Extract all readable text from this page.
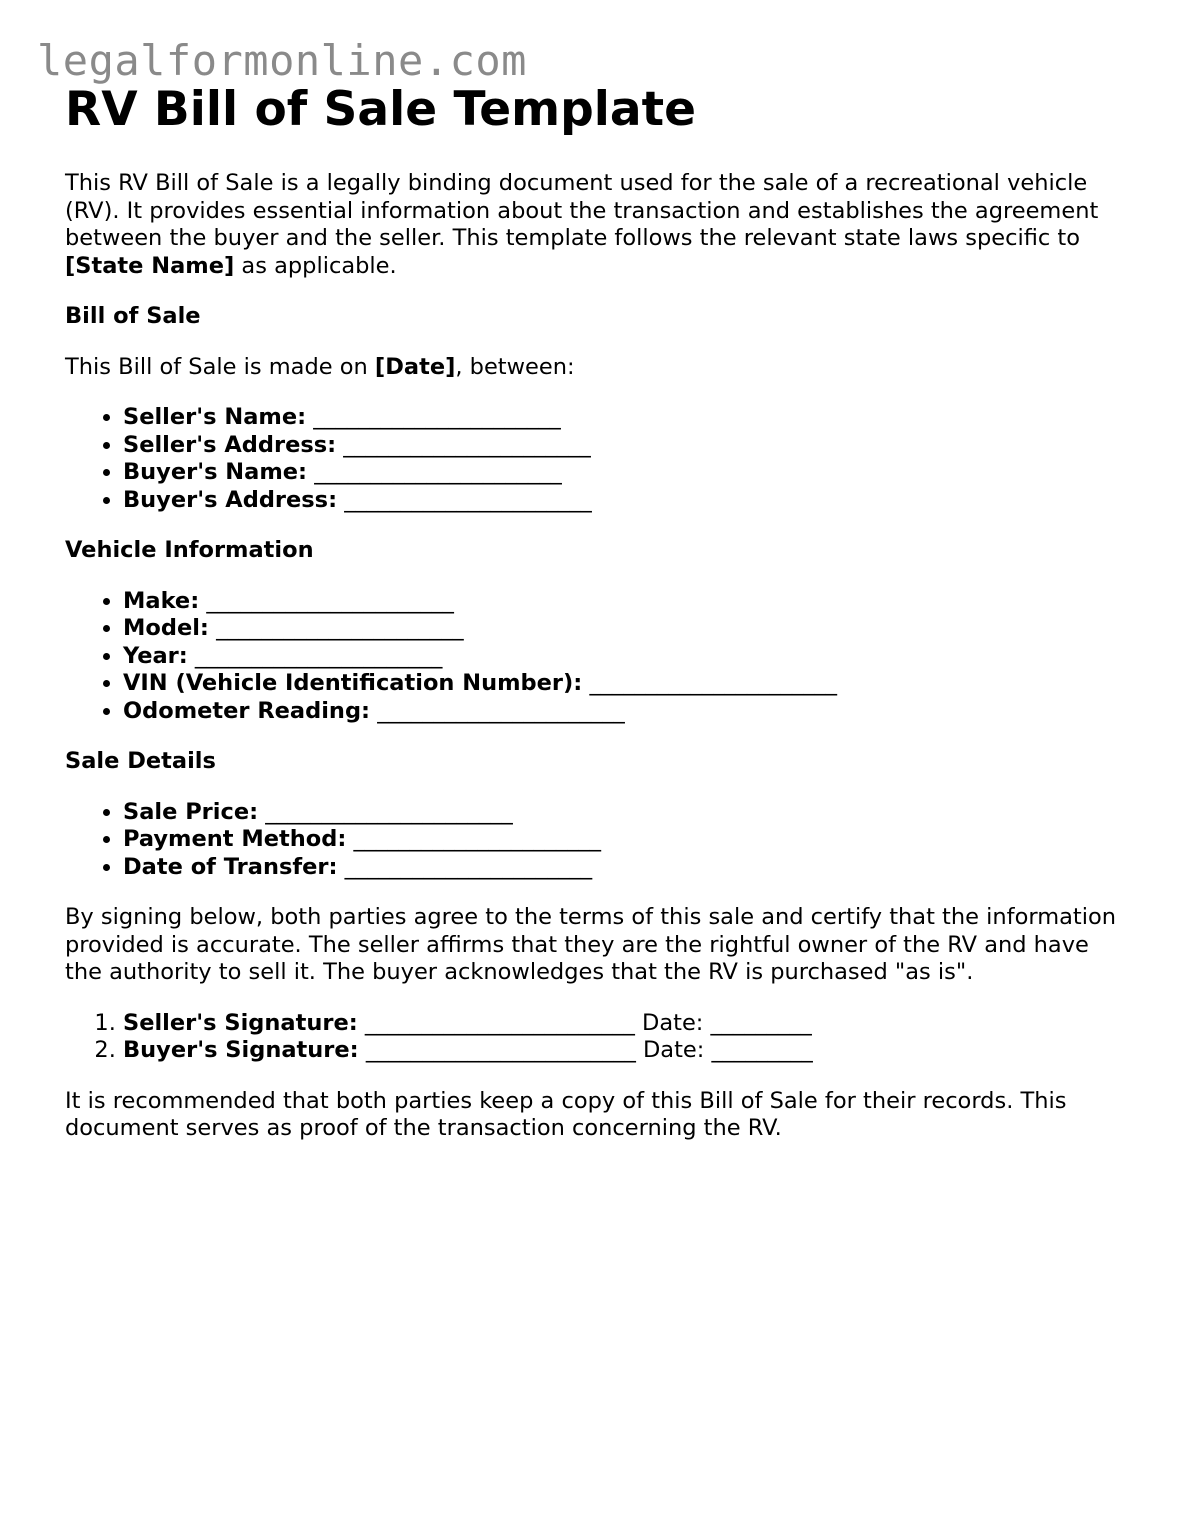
legalformonline.com
RV Bill of Sale Template

This RV Bill of Sale is a legally binding document used for the sale of a recreational vehicle (RV). It provides essential information about the transaction and establishes the agreement between the buyer and the seller. This template follows the relevant state laws specific to [State Name] as applicable.

Bill of Sale
This Bill of Sale is made on [Date], between:
• Seller's Name: ______________________
• Seller's Address: ______________________
• Buyer's Name: ______________________
• Buyer's Address: ______________________
Vehicle Information
• Make: ______________________
• Model: ______________________
• Year: ______________________
• VIN (Vehicle Identification Number): ______________________
• Odometer Reading: ______________________
Sale Details
• Sale Price: ______________________
• Payment Method: ______________________
• Date of Transfer: ______________________
By signing below, both parties agree to the terms of this sale and certify that the information provided is accurate. The seller affirms that they are the rightful owner of the RV and have the authority to sell it. The buyer acknowledges that the RV is purchased "as is".
1. Seller's Signature: ________________________ Date: _________
2. Buyer's Signature: ________________________ Date: _________
It is recommended that both parties keep a copy of this Bill of Sale for their records. This document serves as proof of the transaction concerning the RV.
